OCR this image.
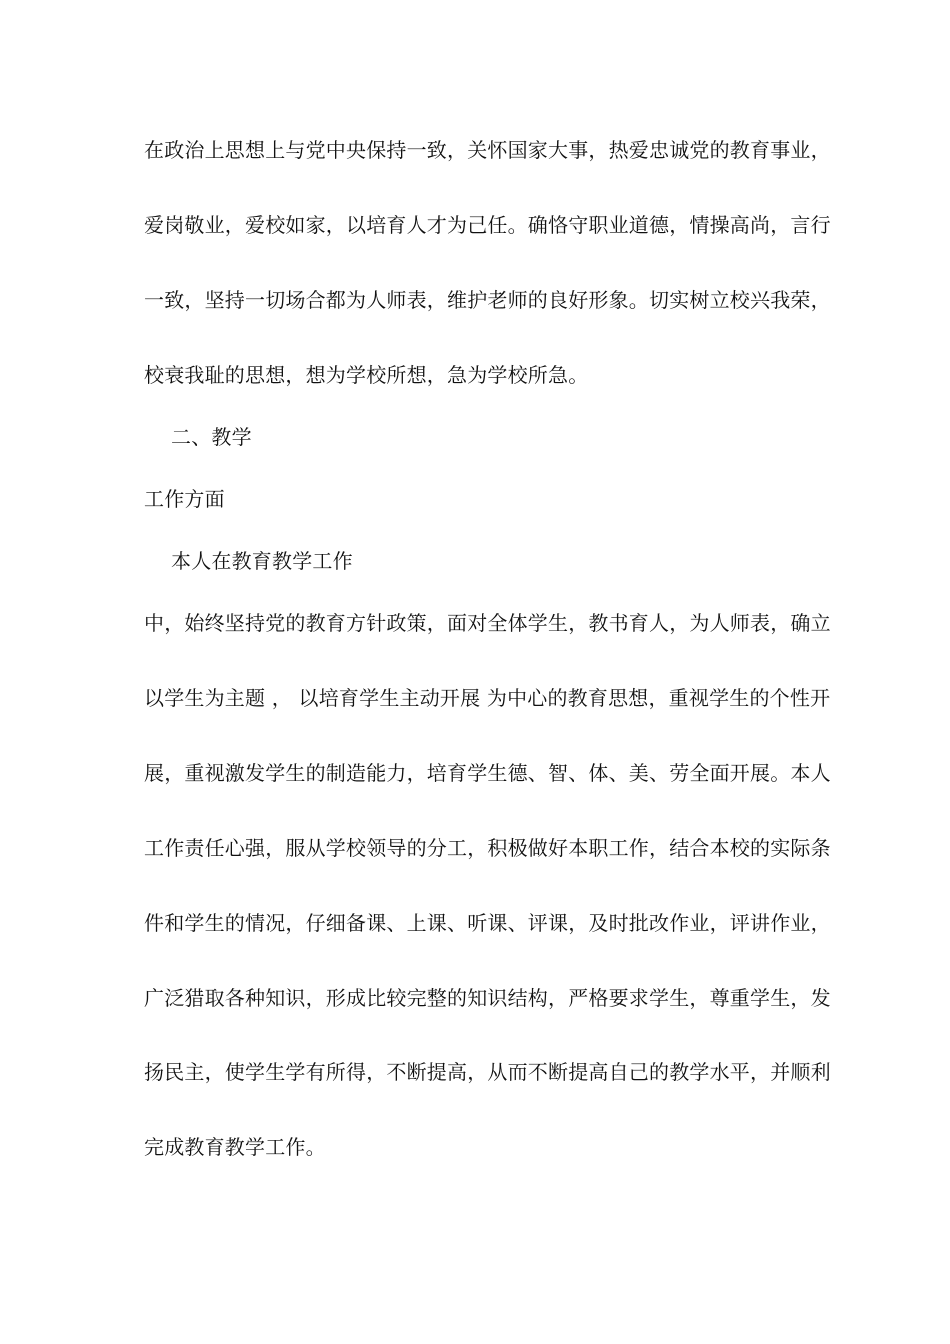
在政治上思想上与党中央保持一致，关怀国家大事，热爱忠诚党的教育事业，
爱岗敬业，爱校如家，以培育人才为己任。确恪守职业道德，情操高尚，言行
一致，坚持一切场合都为人师表，维护老师的良好形象。切实树立校兴我荣，
校衰我耻的思想，想为学校所想，急为学校所急。
二、教学
工作方面
本人在教育教学工作
中，始终坚持党的教育方针政策，面对全体学生，教书育人，为人师表，确立
以学生为主题 ， 以培育学生主动开展 为中心的教育思想，重视学生的个性开
展，重视激发学生的制造能力，培育学生德、智、体、美、劳全面开展。本人
工作责任心强，服从学校领导的分工，积极做好本职工作，结合本校的实际条
件和学生的情况，仔细备课、上课、听课、评课，及时批改作业，评讲作业，
广泛猎取各种知识，形成比较完整的知识结构，严格要求学生，尊重学生，发
扬民主，使学生学有所得，不断提高，从而不断提高自己的教学水平，并顺利
完成教育教学工作。
